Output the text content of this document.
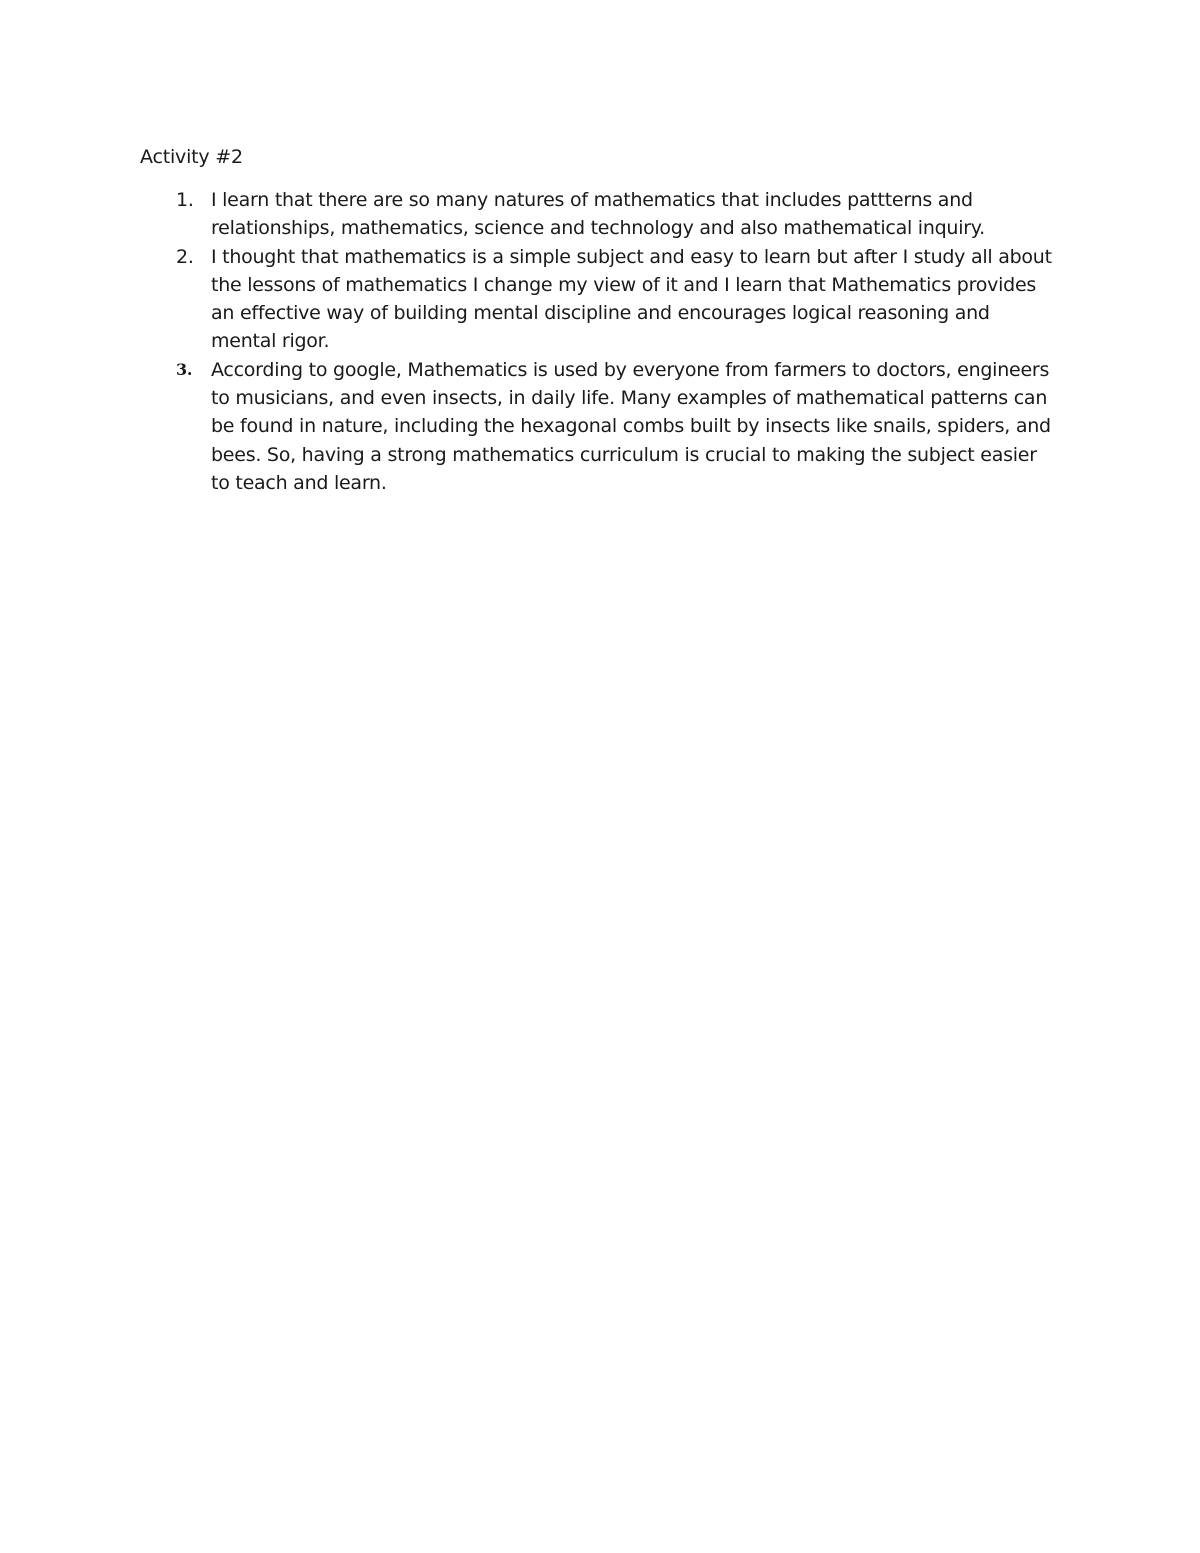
Activity #2
1. I learn that there are so many natures of mathematics that includes pattterns and relationships, mathematics, science and technology and also mathematical inquiry.
2. I thought that mathematics is a simple subject and easy to learn but after I study all about the lessons of mathematics I change my view of it and I learn that Mathematics provides an effective way of building mental discipline and encourages logical reasoning and mental rigor.
3. According to google, Mathematics is used by everyone from farmers to doctors, engineers to musicians, and even insects, in daily life. Many examples of mathematical patterns can be found in nature, including the hexagonal combs built by insects like snails, spiders, and bees. So, having a strong mathematics curriculum is crucial to making the subject easier to teach and learn.
